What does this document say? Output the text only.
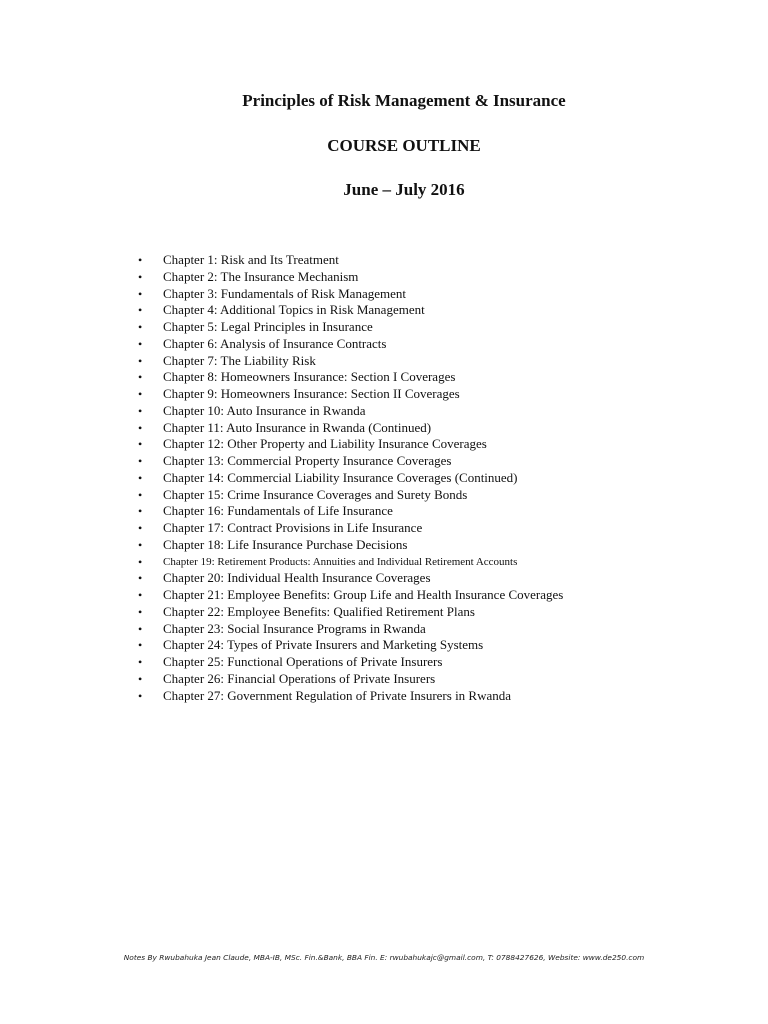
Principles of Risk Management & Insurance
COURSE OUTLINE
June – July 2016
•	Chapter 1: Risk and Its Treatment
•	Chapter 2: The Insurance Mechanism
•	Chapter 3: Fundamentals of Risk Management
•	Chapter 4: Additional Topics in Risk Management
•	Chapter 5: Legal Principles in Insurance
•	Chapter 6: Analysis of Insurance Contracts
•	Chapter 7: The Liability Risk
•	Chapter 8: Homeowners Insurance: Section I Coverages
•	Chapter 9: Homeowners Insurance: Section II Coverages
•	Chapter 10: Auto Insurance in Rwanda
•	Chapter 11: Auto Insurance in Rwanda (Continued)
•	Chapter 12: Other Property and Liability Insurance Coverages
•	Chapter 13: Commercial Property Insurance Coverages
•	Chapter 14: Commercial Liability Insurance Coverages (Continued)
•	Chapter 15: Crime Insurance Coverages and Surety Bonds
•	Chapter 16: Fundamentals of Life Insurance
•	Chapter 17: Contract Provisions in Life Insurance
•	Chapter 18: Life Insurance Purchase Decisions
•	Chapter 19: Retirement Products: Annuities and Individual Retirement Accounts
•	Chapter 20: Individual Health Insurance Coverages
•	Chapter 21: Employee Benefits: Group Life and Health Insurance Coverages
•	Chapter 22: Employee Benefits: Qualified Retirement Plans
•	Chapter 23: Social Insurance Programs in Rwanda
•	Chapter 24: Types of Private Insurers and Marketing Systems
•	Chapter 25: Functional Operations of Private Insurers
•	Chapter 26: Financial Operations of Private Insurers
•	Chapter 27: Government Regulation of Private Insurers in Rwanda
Notes By Rwubahuka Jean Claude, MBA-IB, MSc. Fin.&Bank, BBA Fin. E: rwubahukajc@gmail.com, T: 0788427626, Website: www.de250.com
